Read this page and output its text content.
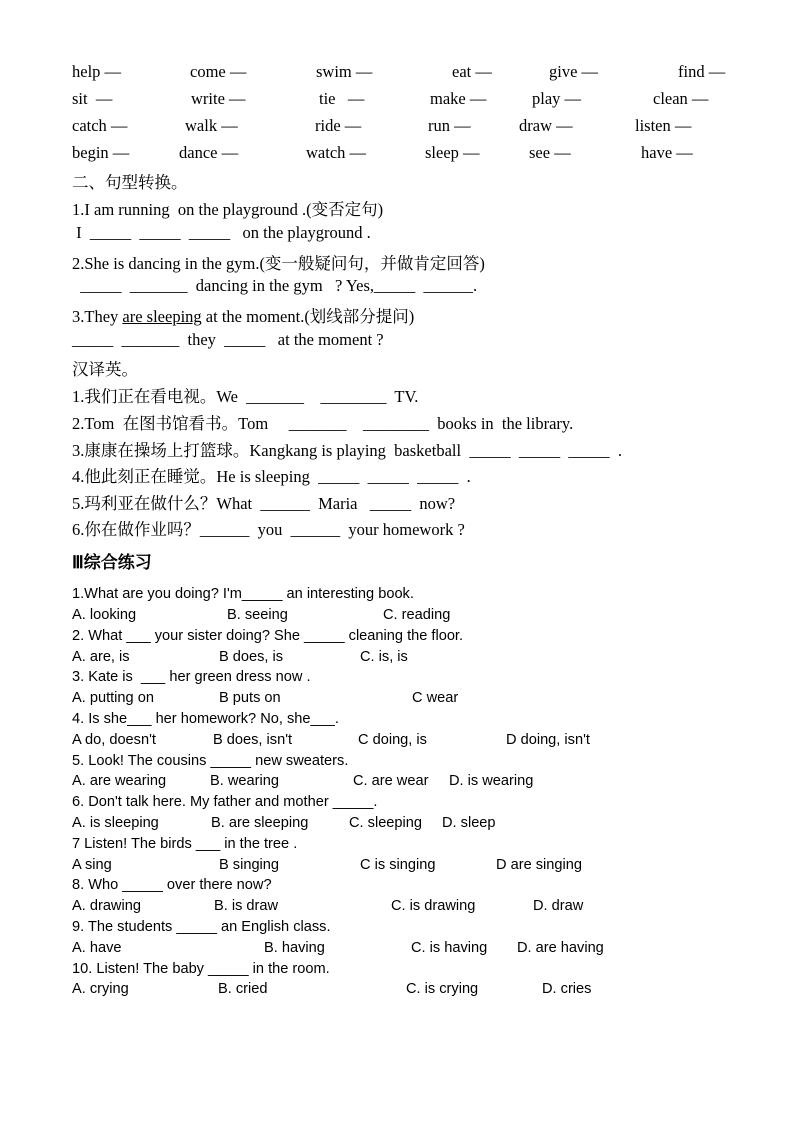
help —	come —	swim —	eat —	give —	find —
sit  —	write —	tie   —	make —	play —	clean —
catch —	walk —	ride —	run —	draw —	listen —
begin —	dance —	watch —	sleep —	see —	have —
二、句型转换。
1.I am running  on the playground .(变否定句)
I  _____  _____  _____   on the playground .
2.She is dancing in the gym.(变一般疑问句，并做肯定回答)
_____  _______  dancing in the gym   ? Yes,_____  ______.
3.They are sleeping at the moment.(划线部分提问)
_____  _______  they  _____   at the moment ?
汉译英。
1.我们正在看电视。We  _______    ________  TV.
2.Tom  在图书馆看书。Tom     _______    ________  books in  the library.
3.康康在操场上打篮球。Kangkang is playing  basketball  _____  _____  _____  .
4.他此刻正在睡觉。He is sleeping  _____  _____  _____  .
5.玛利亚在做什么？What  ______  Maria   _____  now?
6.你在做作业吗？______  you  ______  your homework ?
Ⅲ综合练习
1.What are you doing? I'm_____ an interesting book.
A. looking	B. seeing	C. reading
2. What ___ your sister doing? She _____ cleaning the floor.
A. are, is	B does, is	C. is, is
3. Kate is  ___ her green dress now .
A. putting on	B puts on	C wear
4. Is she___ her homework? No, she___.
A do, doesn't	B does, isn't	C doing, is	D doing, isn't
5. Look! The cousins _____ new sweaters.
A. are wearing	B. wearing	C. are wear D. is wearing
6. Don't talk here. My father and mother _____.
A. is sleeping	B. are sleeping	C. sleeping D. sleep
7 Listen! The birds ___ in the tree .
A sing	B singing	C is singing	D are singing
8. Who _____ over there now?
A. drawing	B. is draw	C. is drawing	D. draw
9. The students _____ an English class.
A. have	B. having	C. is having D. are having
10. Listen! The baby _____ in the room.
A. crying	B. cried	C. is crying	D. cries
